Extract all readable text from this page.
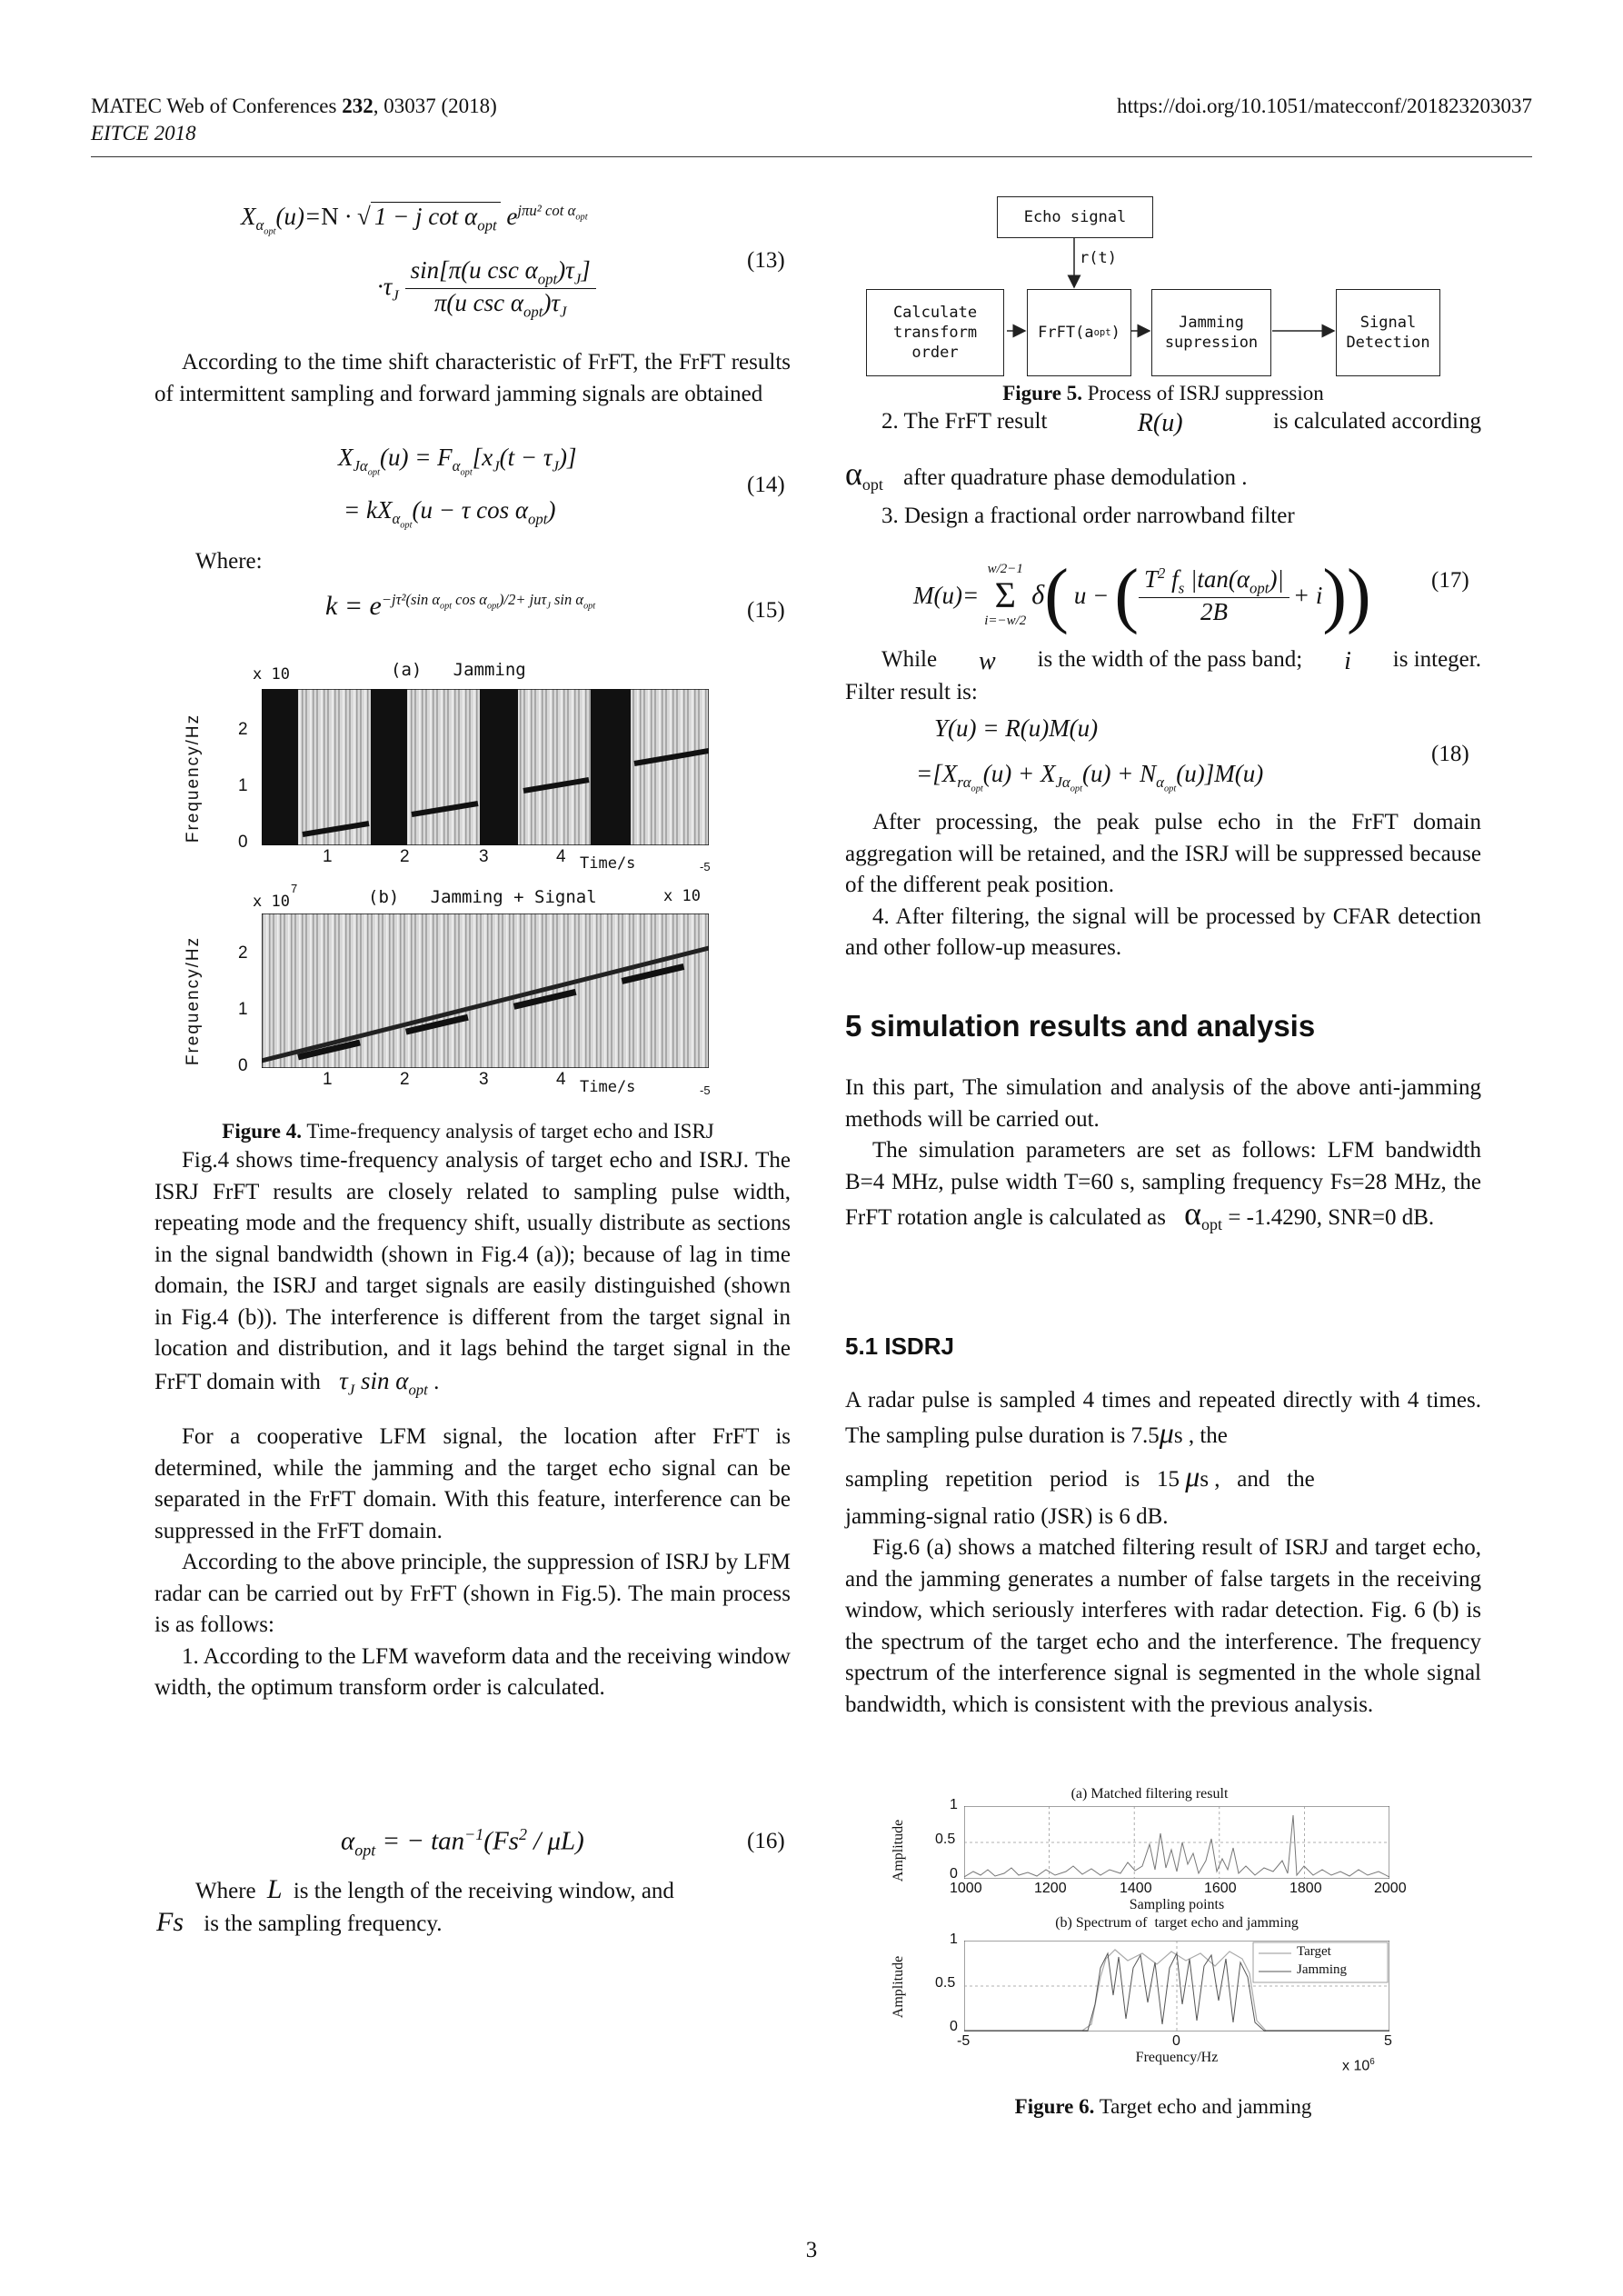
MATEC Web of Conferences 232, 03037 (2018)
EITCE 2018
https://doi.org/10.1051/matecconf/201823203037
$X_{\alpha_{opt}}(u)=N$ · √ 1 − j $\cot \alpha_{opt}$ $e^{j\pi u^2 cot \alpha_{opt}}$
$\cdot\tau_J \frac{\sin[\pi(u \csc \alpha_{opt})\tau_J]}{\pi(u \csc \alpha_{opt})\tau_J}$	(13)

According to the time shift characteristic of FrFT, the FrFT results of intermittent sampling and forward jamming signals are obtained

$X_{J\alpha_{opt}}(u) = F_{\alpha_{opt}}[x_J(t - \tau_J)]$
= $kX_{\alpha_{opt}}(u - \tau$ $\cos \alpha_{opt}$)
(14)
Where:
$k = e^{-j\tau^2(sin \alpha_{opt} cos \alpha_{opt})/2+ ju\tau_J sin \alpha_{opt}}$	(15)
x 10	(a)   Jamming
Frequency/Hz 2
1
0
1	2	3	4 Time/s	-5
7
x 10	(b)   Jamming + Signal	x 10
Frequency/Hz 2
1
0
1	2	3	4 Time/s	-5
Figure 4. Time-frequency analysis of target echo and ISRJ

Fig.4 shows time-frequency analysis of target echo and ISRJ. The ISRJ FrFT results are closely related to sampling pulse width, repeating mode and the frequency shift, usually distribute as sections in the signal bandwidth (shown in Fig.4 (a)); because of lag in time domain, the ISRJ and target signals are easily distinguished (shown in Fig.4 (b)). The interference is different from the target signal in location and distribution, and it lags behind the target signal in the FrFT domain with $\tau_J$ $\sin \alpha_{opt}$ .

For a cooperative LFM signal, the location after FrFT is determined, while the jamming and the target echo signal can be separated in the FrFT domain. With this feature, interference can be suppressed in the FrFT domain.

According to the above principle, the suppression of ISRJ by LFM radar can be carried out by FrFT (shown in Fig.5). The main process is as follows:

1. According to the LFM waveform data and the receiving window width, the optimum transform order is calculated.

$\alpha_{opt}$ = − $\tan^{-1}(Fs^2 / \mu L)$	(16)
Where L is the length of the receiving window, and
Fs is the sampling frequency.
Echo signal
r(t)
Calculate transform order
FrFT(a opt )
Jamming supression
Signal Detection
Figure 5. Process of ISRJ suppression
2. The FrFT result	R(u)	is calculated according
$\alpha_{opt}$ after quadrature phase demodulation .
3. Design a fractional order narrowband filter
M(u)=
w/2−1
Σ
i=−w/2
δ ( u − ( $\frac{T^2 f_s |\tan(\alpha_{opt})|}{2B} + i$ ))	(17)
While w is the width of the pass band; i is integer.
Filter result is:
Y(u) = R(u)M(u)
$=[X_{r\alpha_{opt}}(u) + X_{J\alpha_{opt}}(u) + N_{\alpha_{opt}}(u)]M(u)$
(18)

After processing, the peak pulse echo in the FrFT domain aggregation will be retained, and the ISRJ will be suppressed because of the different peak position.

4. After filtering, the signal will be processed by CFAR detection and other follow-up measures.

5 simulation results and analysis

In this part, The simulation and analysis of the above anti-jamming methods will be carried out.

The simulation parameters are set as follows: LFM bandwidth B=4 MHz, pulse width T=60 s, sampling frequency Fs=28 MHz, the FrFT rotation angle is calculated as $\alpha_{opt} = -1.4290$, SNR=0 dB.

5.1 ISDRJ

A radar pulse is sampled 4 times and repeated directly with 4 times. The sampling pulse duration is 7.5μs , the

sampling   repetition   period   is   15 μs ,   and   the

jamming-signal ratio (JSR) is 6 dB.

Fig.6 (a) shows a matched filtering result of ISRJ and target echo, and the jamming generates a number of false targets in the receiving window, which seriously interferes with radar detection. Fig. 6 (b) is the spectrum of the target echo and the interference. The frequency spectrum of the interference signal is segmented in the whole signal bandwidth, which is consistent with the previous analysis.

(a) Matched filtering result
Amplitude
1
0.5
0
1000	1200	1400	1600	1800	2000
Sampling points
(b) Spectrum of  target echo and jamming
Amplitude
1
0.5
0
Target
Jamming
-5	0	5
Frequency/Hz
x $10^6$
Figure 6. Target echo and jamming
3
